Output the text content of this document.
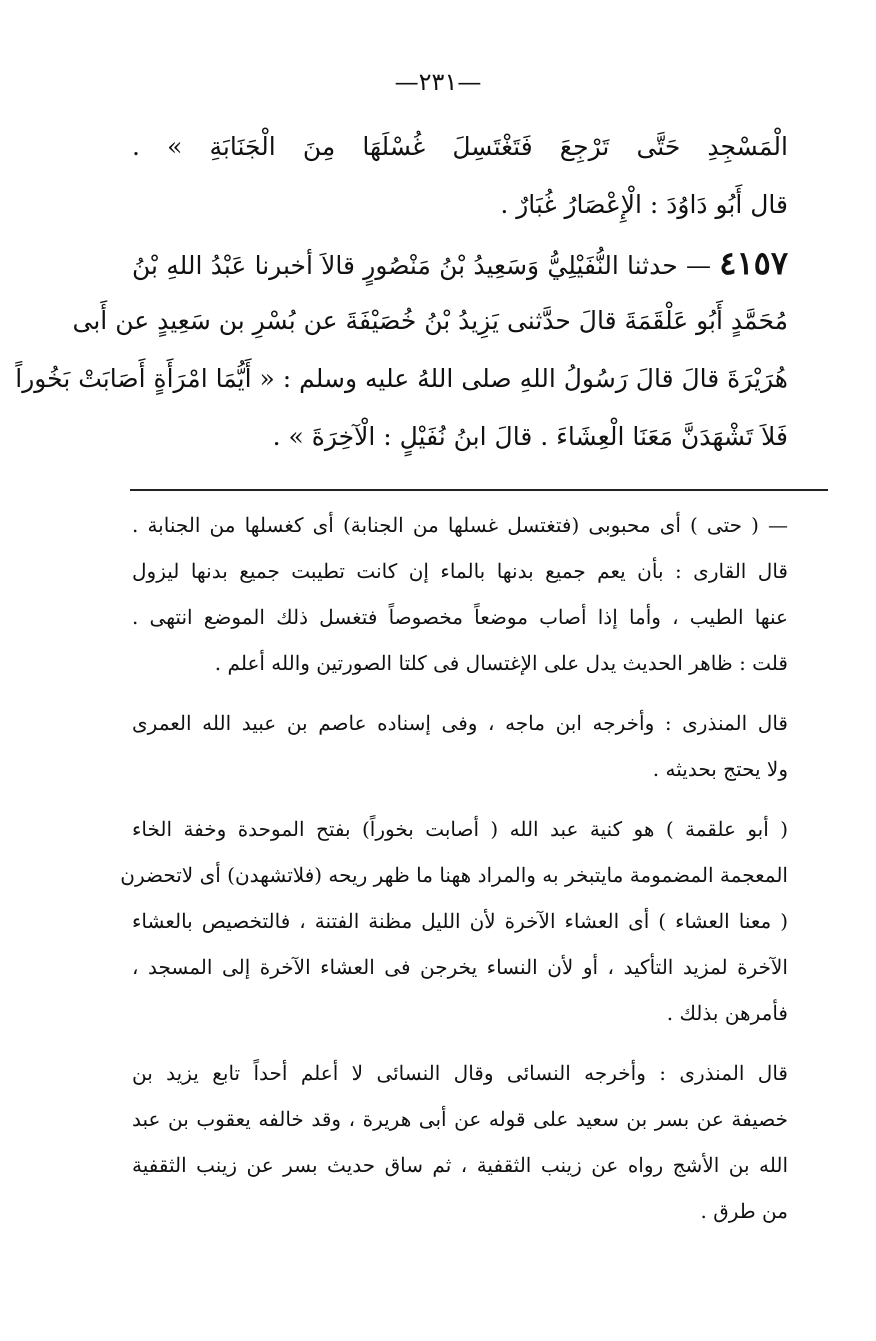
—٢٣١—
الْمَسْجِدِ حَتَّى تَرْجِعَ فَتَغْتَسِلَ غُسْلَهَا مِنَ الْجَنَابَةِ » .
قال أَبُو دَاوُدَ : الْإِعْصَارُ غُبَارٌ .
٤١٥٧ — حدثنا النُّفَيْلِيُّ وَسَعِيدُ بْنُ مَنْصُورٍ قالاَ أخبرنا عَبْدُ اللهِ بْنُ
مُحَمَّدٍ أَبُو عَلْقَمَةَ قالَ حدَّثنى يَزِيدُ بْنُ خُصَيْفَةَ عن بُسْرِ بن سَعِيدٍ عن أَبى
هُرَيْرَةَ قالَ قالَ رَسُولُ اللهِ صلى اللهُ عليه وسلم : « أَيُّمَا امْرَأَةٍ أَصَابَتْ بَخُوراً
فَلاَ تَشْهَدَنَّ مَعَنَا الْعِشَاءَ . قالَ ابنُ نُفَيْلٍ : الْآخِرَةَ » .
— ( حتى ) أى محبوبى (فتغتسل غسلها من الجنابة) أى كغسلها من الجنابة .
قال القارى : بأن يعم جميع بدنها بالماء إن كانت تطيبت جميع بدنها ليزول
عنها الطيب ، وأما إذا أصاب موضعاً مخصوصاً فتغسل ذلك الموضع انتهى .
قلت : ظاهر الحديث يدل على الإغتسال فى كلتا الصورتين والله أعلم .
قال المنذرى : وأخرجه ابن ماجه ، وفى إسناده عاصم بن عبيد الله العمرى
ولا يحتج بحديثه .
( أبو علقمة ) هو كنية عبد الله ( أصابت بخوراً) بفتح الموحدة وخفة الخاء
المعجمة المضمومة مايتبخر به والمراد ههنا ما ظهر ريحه (فلاتشهدن) أى لاتحضرن
( معنا العشاء ) أى العشاء الآخرة لأن الليل مظنة الفتنة ، فالتخصيص بالعشاء
الآخرة لمزيد التأكيد ، أو لأن النساء يخرجن فى العشاء الآخرة إلى المسجد ،
فأمرهن بذلك .
قال المنذرى : وأخرجه النسائى وقال النسائى لا أعلم أحداً تابع يزيد بن
خصيفة عن بسر بن سعيد على قوله عن أبى هريرة ، وقد خالفه يعقوب بن عبد
الله بن الأشج رواه عن زينب الثقفية ، ثم ساق حديث بسر عن زينب الثقفية
من طرق .
